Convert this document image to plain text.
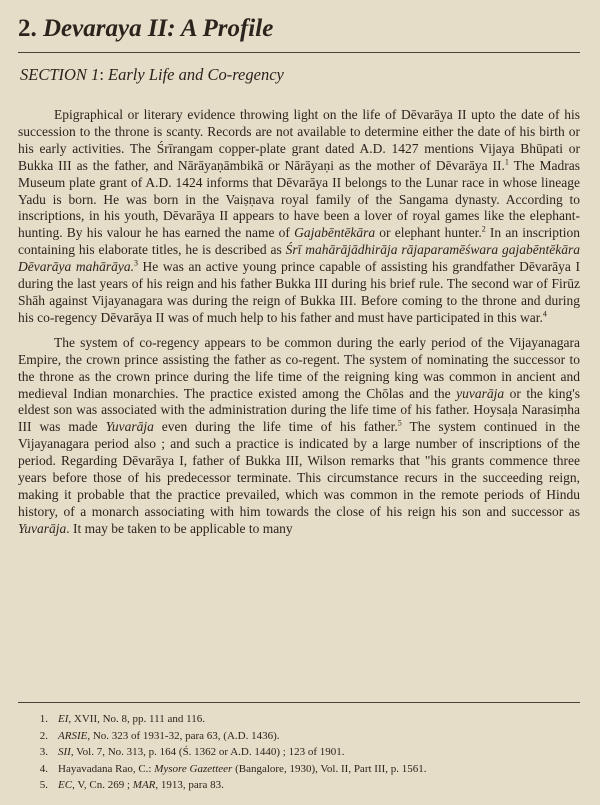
2. Devaraya II: A Profile
SECTION 1: Early Life and Co-regency

Epigraphical or literary evidence throwing light on the life of Dēvarāya II upto the date of his succession to the throne is scanty. Records are not available to determine either the date of his birth or his early activities. The Śrīrangam copper-plate grant dated A.D. 1427 mentions Vijaya Bhūpati or Bukka III as the father, and Nārāyaṇāmbikā or Nārāyaṇi as the mother of Dēvarāya II.$^1$ The Madras Museum plate grant of A.D. 1424 informs that Dēvarāya II belongs to the Lunar race in whose lineage Yadu is born. He was born in the Vaiṣṇava royal family of the Sangama dynasty. According to inscriptions, in his youth, Dēvarāya II appears to have been a lover of royal games like the elephant-hunting. By his valour he has earned the name of Gajabēntēkāra or elephant hunter.$^2$ In an inscription containing his elaborate titles, he is described as Śrī mahārājādhirāja rājaparamēśwara gajabēntēkāra Dēvarāya mahārāya.$^3$ He was an active young prince capable of assisting his grandfather Dēvarāya I during the last years of his reign and his father Bukka III during his brief rule. The second war of Firūz Shāh against Vijayanagara was during the reign of Bukka III. Before coming to the throne and during his co-regency Dēvarāya II was of much help to his father and must have participated in this war.$^4$

The system of co-regency appears to be common during the early period of the Vijayanagara Empire, the crown prince assisting the father as co-regent. The system of nominating the successor to the throne as the crown prince during the life time of the reigning king was common in ancient and medieval Indian monarchies. The practice existed among the Chōlas and the yuvarāja or the king's eldest son was associated with the administration during the life time of his father. Hoysaḷa Narasiṃha III was made Yuvarāja even during the life time of his father.$^5$ The system continued in the Vijayanagara period also ; and such a practice is indicated by a large number of inscriptions of the period. Regarding Dēvarāya I, father of Bukka III, Wilson remarks that "his grants commence three years before those of his predecessor terminate. This circumstance recurs in the succeeding reign, making it probable that the practice prevailed, which was common in the remote periods of Hindu history, of a monarch associating with him towards the close of his reign his son and successor as Yuvarāja. It may be taken to be applicable to many

1. EI, XVII, No. 8, pp. 111 and 116.
2. ARSIE, No. 323 of 1931-32, para 63, (A.D. 1436).
3. SII, Vol. 7, No. 313, p. 164 (Ś. 1362 or A.D. 1440) ; 123 of 1901.
4. Hayavadana Rao, C.: Mysore Gazetteer (Bangalore, 1930), Vol. II, Part III, p. 1561.
5. EC, V, Cn. 269 ; MAR, 1913, para 83.
